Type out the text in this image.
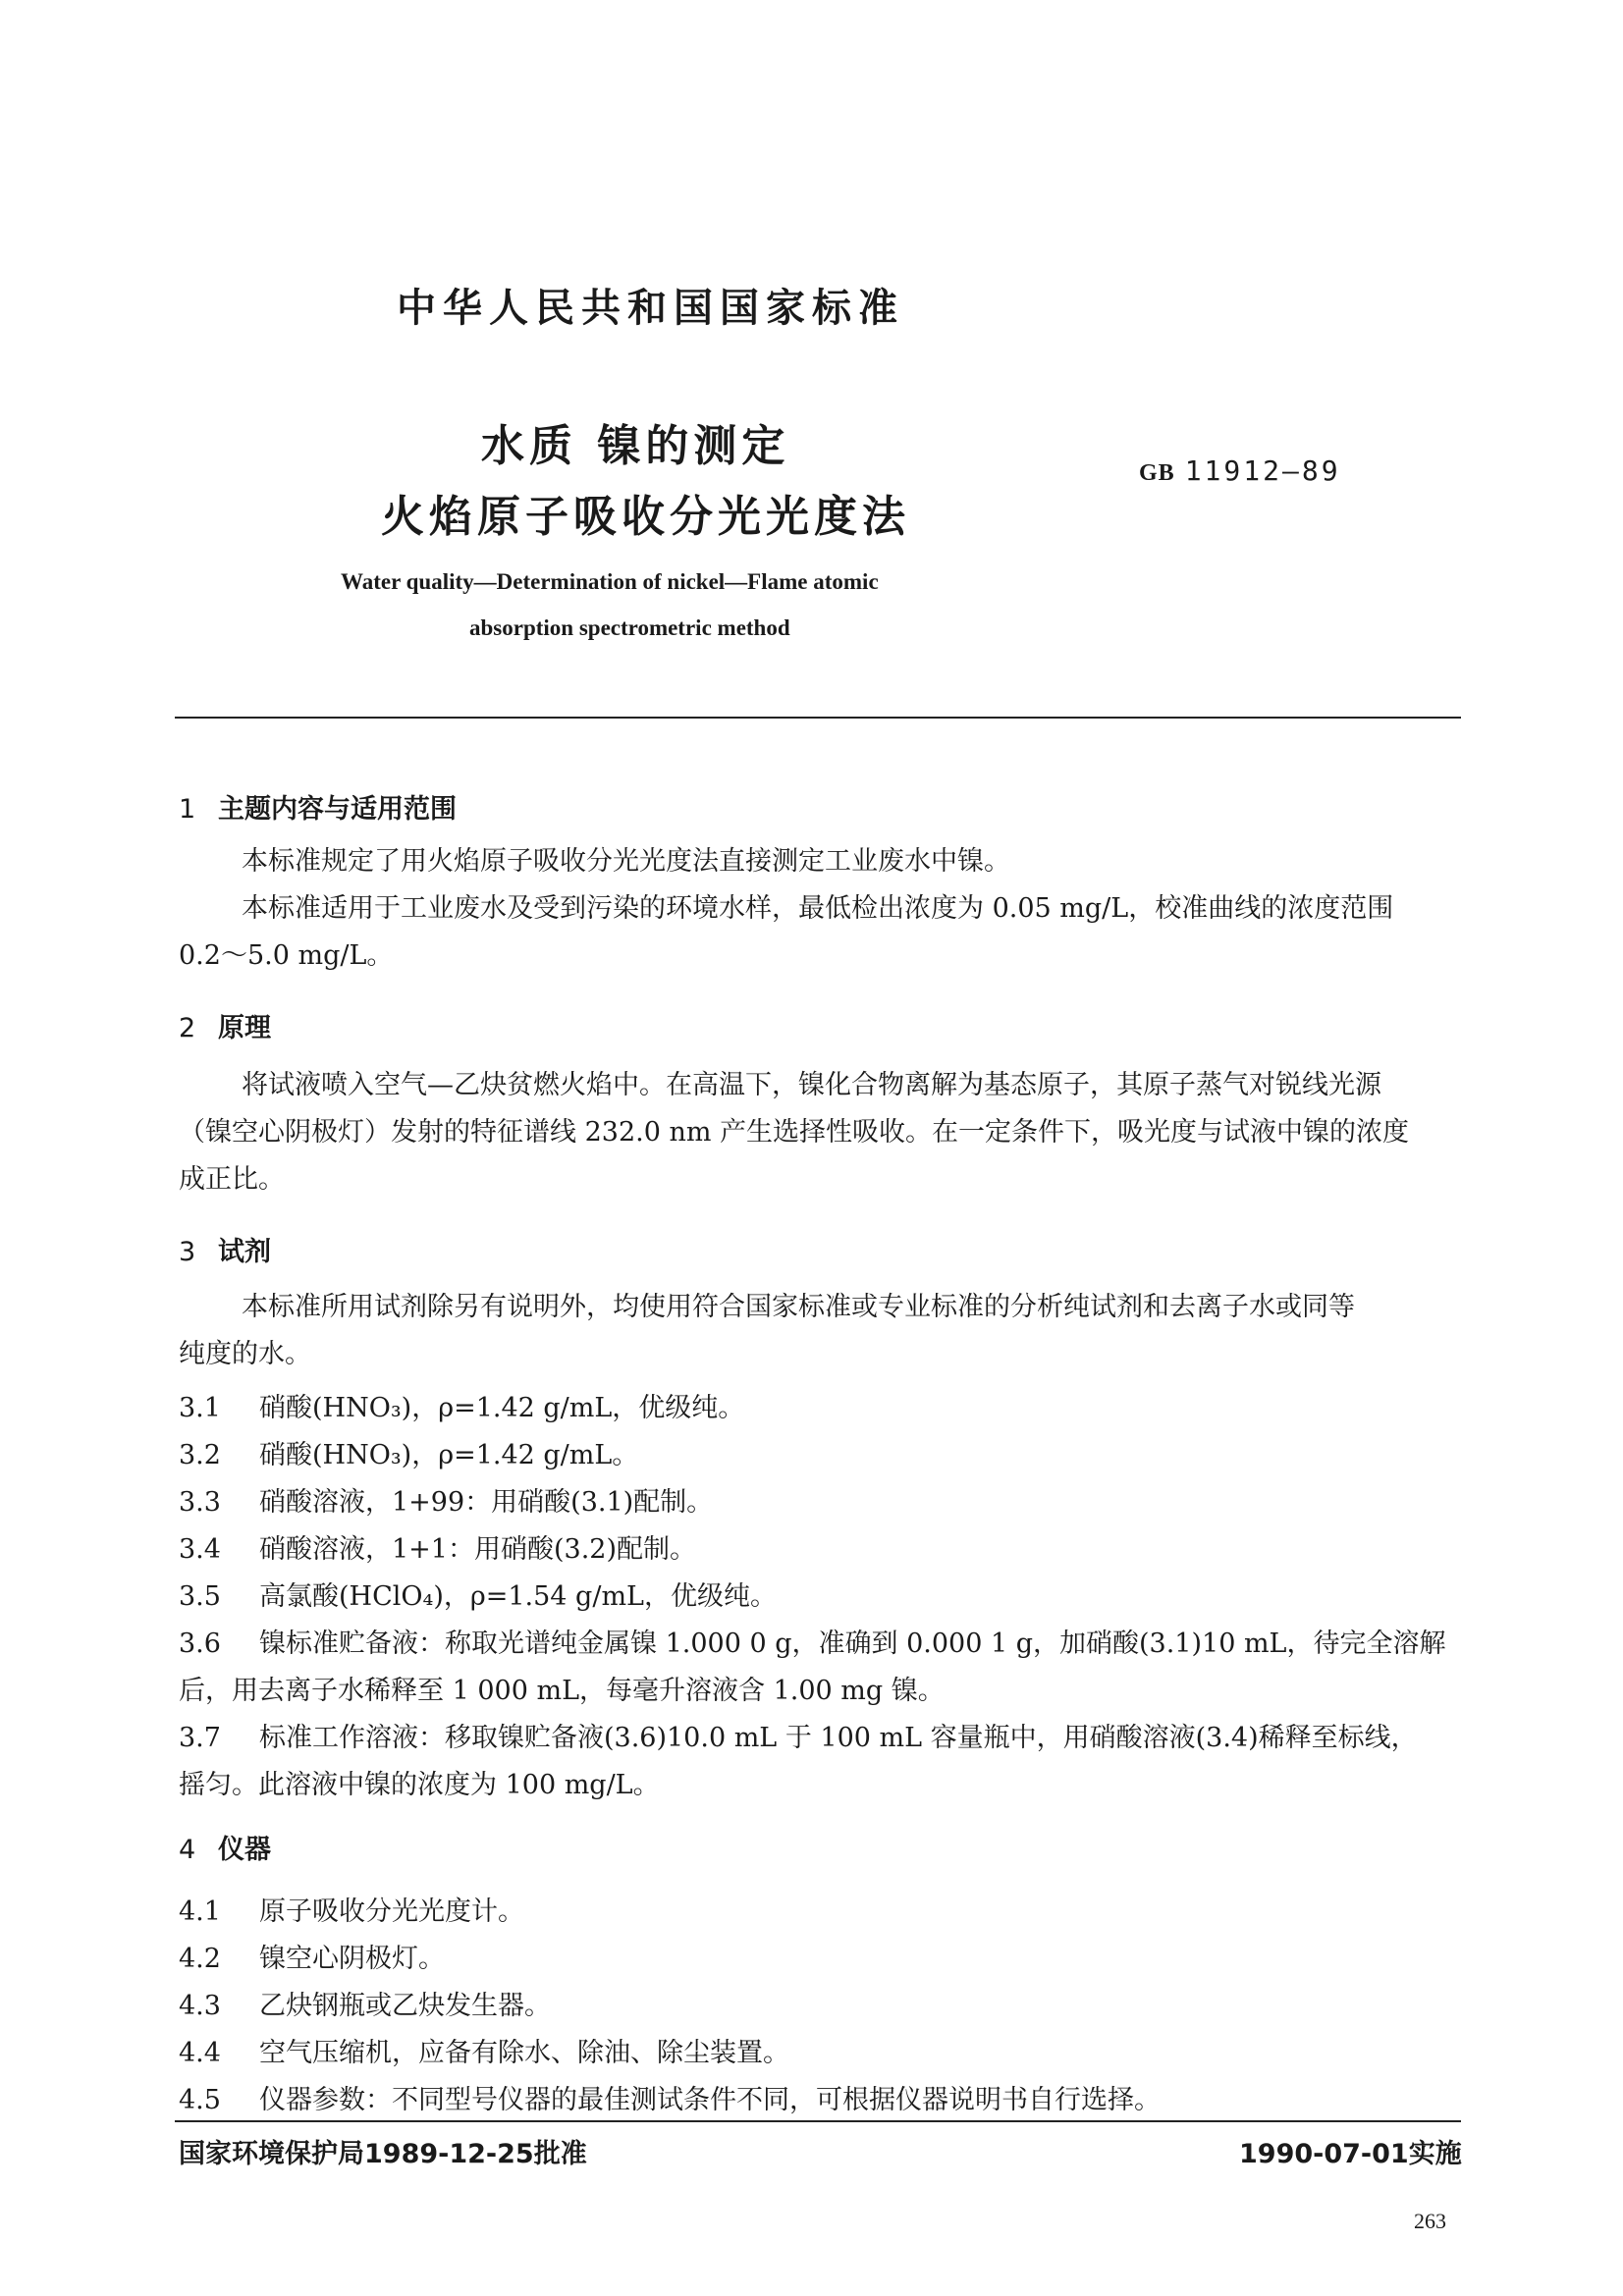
中华人民共和国国家标准
水质 镍的测定
火焰原子吸收分光光度法
GB 11912—89
Water quality—Determination of nickel—Flame atomic
absorption spectrometric method
1 主题内容与适用范围
本标准规定了用火焰原子吸收分光光度法直接测定工业废水中镍。
本标准适用于工业废水及受到污染的环境水样，最低检出浓度为 0.05 mg/L，校准曲线的浓度范围
0.2～5.0 mg/L。
2 原理
将试液喷入空气—乙炔贫燃火焰中。在高温下，镍化合物离解为基态原子，其原子蒸气对锐线光源
（镍空心阴极灯）发射的特征谱线 232.0 nm 产生选择性吸收。在一定条件下，吸光度与试液中镍的浓度
成正比。
3 试剂
本标准所用试剂除另有说明外，均使用符合国家标准或专业标准的分析纯试剂和去离子水或同等
纯度的水。
3.1 硝酸(HNO₃)，ρ=1.42 g/mL，优级纯。
3.2 硝酸(HNO₃)，ρ=1.42 g/mL。
3.3 硝酸溶液，1+99：用硝酸(3.1)配制。
3.4 硝酸溶液，1+1：用硝酸(3.2)配制。
3.5 高氯酸(HClO₄)，ρ=1.54 g/mL，优级纯。
3.6 镍标准贮备液：称取光谱纯金属镍 1.000 0 g，准确到 0.000 1 g，加硝酸(3.1)10 mL，待完全溶解
后，用去离子水稀释至 1 000 mL，每毫升溶液含 1.00 mg 镍。
3.7 标准工作溶液：移取镍贮备液(3.6)10.0 mL 于 100 mL 容量瓶中，用硝酸溶液(3.4)稀释至标线，
摇匀。此溶液中镍的浓度为 100 mg/L。
4 仪器
4.1 原子吸收分光光度计。
4.2 镍空心阴极灯。
4.3 乙炔钢瓶或乙炔发生器。
4.4 空气压缩机，应备有除水、除油、除尘装置。
4.5 仪器参数：不同型号仪器的最佳测试条件不同，可根据仪器说明书自行选择。
国家环境保护局1989-12-25批准	1990-07-01实施
263
